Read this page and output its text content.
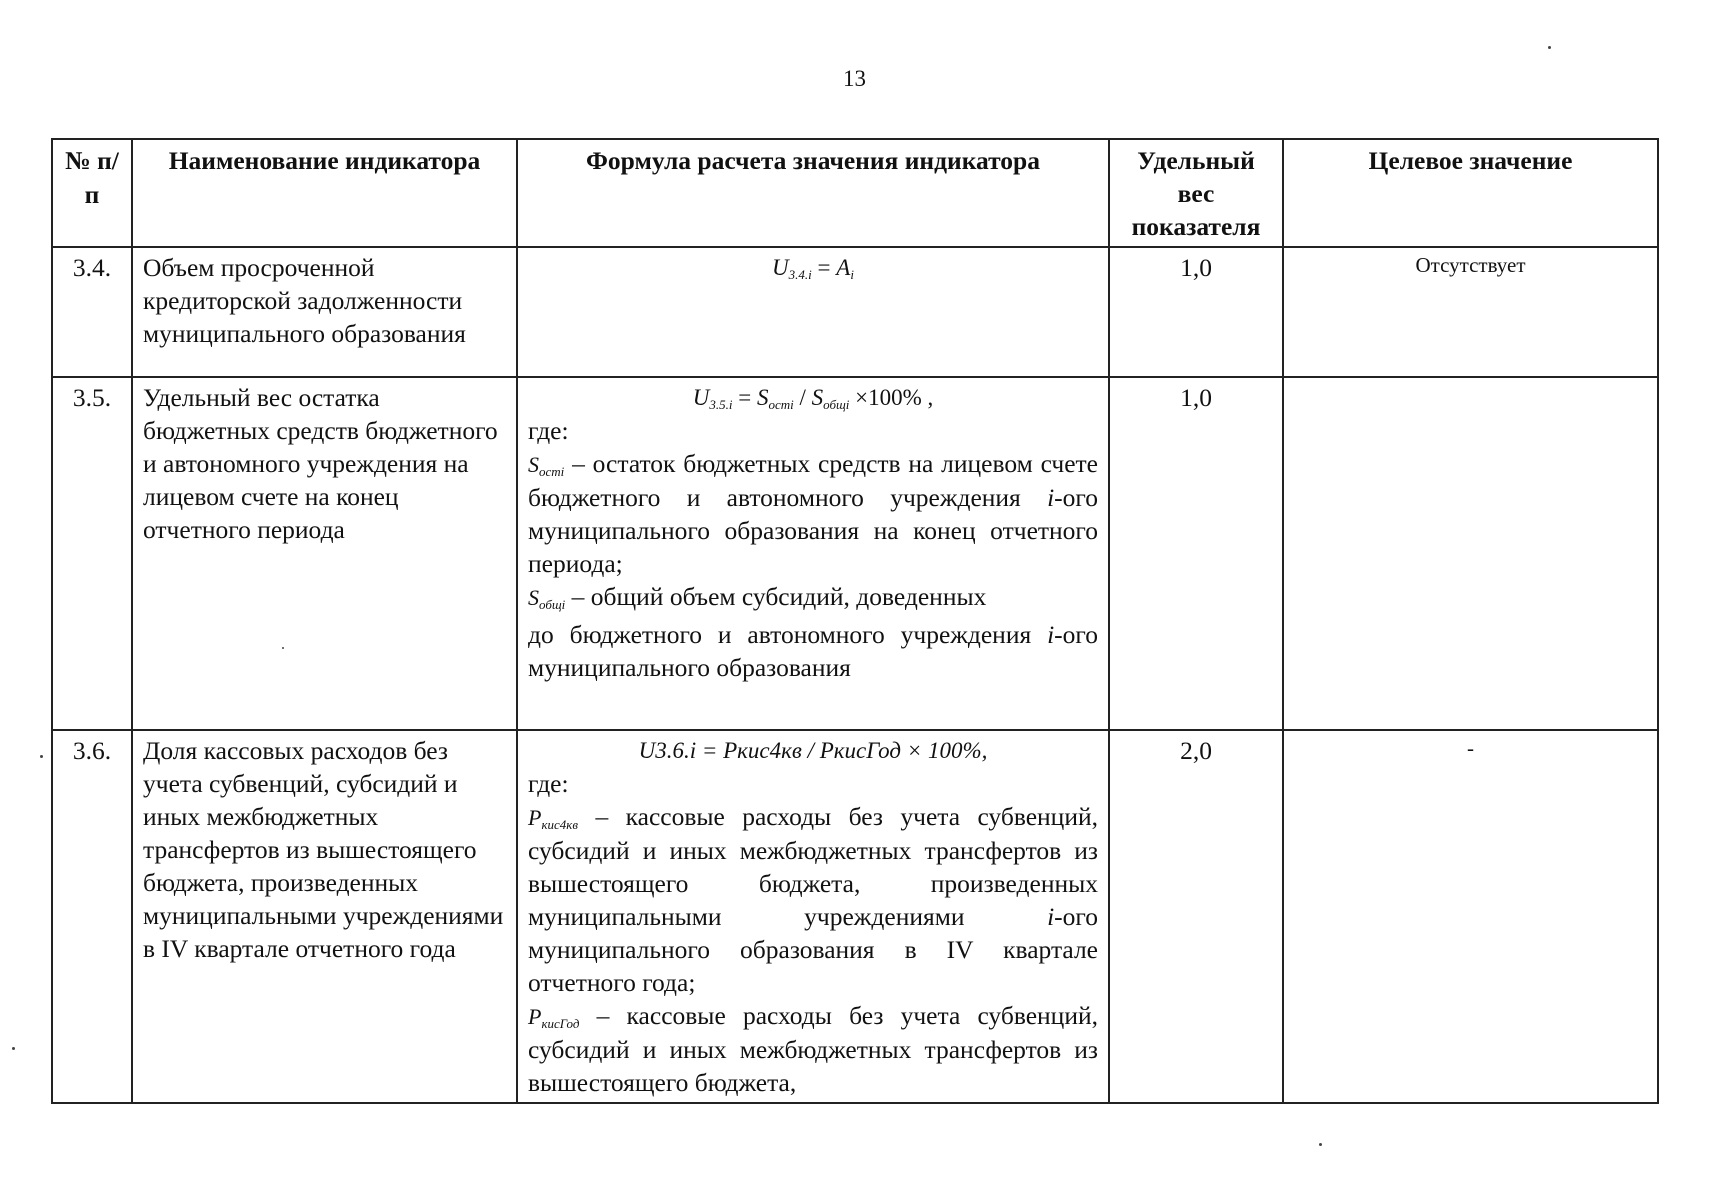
13
№ п/п	Наименование индикатора	Формула расчета значения индикатора	Удельный вес показателя	Целевое значение
3.4.	Объем просроченной кредиторской задолженности муниципального образования	$U_{3.4.i} = A_i$	1,0	Отсутствует
3.5.	Удельный вес остатка бюджетных средств бюджетного и автономного учреждения на лицевом счете на конец отчетного периода	$U_{3.5.i} = S_{остi} / S_{общi} \times 100\%$ ,

где:

$S_{остi}$ – остаток бюджетных средств на лицевом счете бюджетного и автономного учреждения i-ого муниципального образования на конец отчетного периода;

$S_{общi}$ – общий объем субсидий, доведенных

до бюджетного и автономного учреждения i-ого муниципального образования	1,0	
3.6.	Доля кассовых расходов без учета субвенций, субсидий и иных межбюджетных трансфертов из вышестоящего бюджета, произведенных муниципальными учреждениями в IV квартале отчетного года	U3.6.i = Ркис4кв / РкисГод × 100%,

где:

$Р_{кис4кв}$ – кассовые расходы без учета субвенций, субсидий и иных межбюджетных трансфертов из вышестоящего бюджета, произведенных муниципальными учреждениями i-ого муниципального образования в IV квартале отчетного года;

$Р_{кисГод}$ – кассовые расходы без учета субвенций, субсидий и иных межбюджетных трансфертов из вышестоящего бюджета,	2,0	-
